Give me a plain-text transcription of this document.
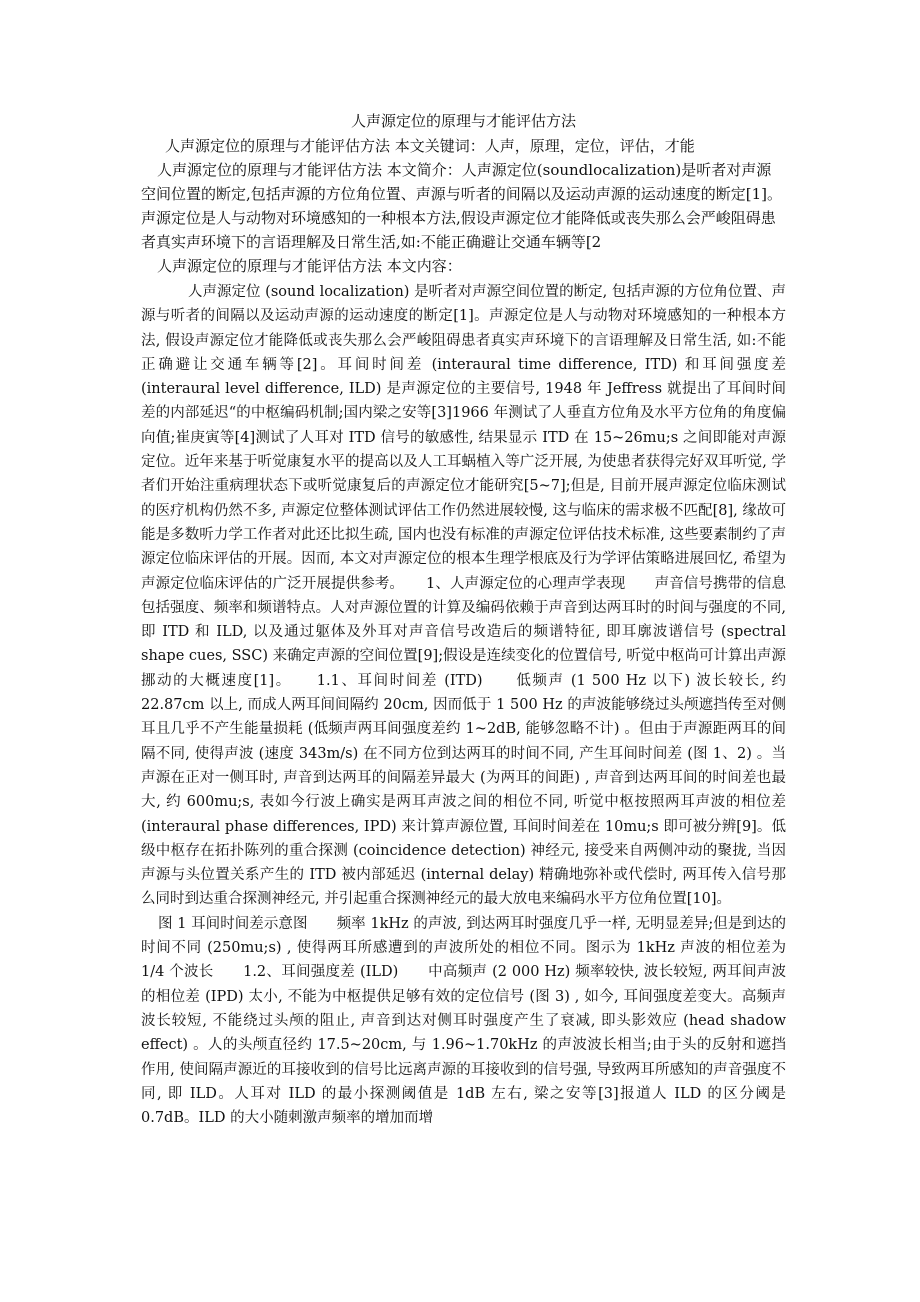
人声源定位的原理与才能评估方法

人声源定位的原理与才能评估方法 本文关键词：人声，原理，定位，评估，才能

人声源定位的原理与才能评估方法 本文简介：人声源定位(soundlocalization)是听者对声源空间位置的断定,包括声源的方位角位置、声源与听者的间隔以及运动声源的运动速度的断定[1]。声源定位是人与动物对环境感知的一种根本方法,假设声源定位才能降低或丧失那么会严峻阻碍患者真实声环境下的言语理解及日常生活,如:不能正确避让交通车辆等[2

人声源定位的原理与才能评估方法 本文内容：

人声源定位 (sound localization) 是听者对声源空间位置的断定, 包括声源的方位角位置、声源与听者的间隔以及运动声源的运动速度的断定[1]。声源定位是人与动物对环境感知的一种根本方法, 假设声源定位才能降低或丧失那么会严峻阻碍患者真实声环境下的言语理解及日常生活, 如:不能正确避让交通车辆等[2]。耳间时间差 (interaural time difference, ITD) 和耳间强度差 (interaural level difference, ILD) 是声源定位的主要信号, 1948 年 Jeffress 就提出了耳间时间差的内部延迟“的中枢编码机制;国内梁之安等[3]1966 年测试了人垂直方位角及水平方位角的角度偏向值;崔庚寅等[4]测试了人耳对 ITD 信号的敏感性, 结果显示 ITD 在 15~26mu;s 之间即能对声源定位。近年来基于听觉康复水平的提高以及人工耳蜗植入等广泛开展, 为使患者获得完好双耳听觉, 学者们开始注重病理状态下或听觉康复后的声源定位才能研究[5~7];但是, 目前开展声源定位临床测试的医疗机构仍然不多, 声源定位整体测试评估工作仍然进展较慢, 这与临床的需求极不匹配[8], 缘故可能是多数听力学工作者对此还比拟生疏, 国内也没有标准的声源定位评估技术标准, 这些要素制约了声源定位临床评估的开展。因而, 本文对声源定位的根本生理学根底及行为学评估策略进展回忆, 希望为声源定位临床评估的广泛开展提供参考。　　1、人声源定位的心理声学表现　　声音信号携带的信息包括强度、频率和频谱特点。人对声源位置的计算及编码依赖于声音到达两耳时的时间与强度的不同, 即 ITD 和 ILD, 以及通过躯体及外耳对声音信号改造后的频谱特征, 即耳廓波谱信号 (spectral shape cues, SSC) 来确定声源的空间位置[9];假设是连续变化的位置信号, 听觉中枢尚可计算出声源挪动的大概速度[1]。　　1.1、耳间时间差 (ITD)　　低频声 (1 500 Hz 以下) 波长较长, 约 22.87cm 以上, 而成人两耳间间隔约 20cm, 因而低于 1 500 Hz 的声波能够绕过头颅遮挡传至对侧耳且几乎不产生能量损耗 (低频声两耳间强度差约 1~2dB, 能够忽略不计) 。但由于声源距两耳的间隔不同, 使得声波 (速度 343m/s) 在不同方位到达两耳的时间不同, 产生耳间时间差 (图 1、2) 。当声源在正对一侧耳时, 声音到达两耳的间隔差异最大 (为两耳的间距) , 声音到达两耳间的时间差也最大, 约 600mu;s, 表如今行波上确实是两耳声波之间的相位不同, 听觉中枢按照两耳声波的相位差 (interaural phase differences, IPD) 来计算声源位置, 耳间时间差在 10mu;s 即可被分辨[9]。低级中枢存在拓扑陈列的重合探测 (coincidence detection) 神经元, 接受来自两侧冲动的聚拢, 当因声源与头位置关系产生的 ITD 被内部延迟 (internal delay) 精确地弥补或代偿时, 两耳传入信号那么同时到达重合探测神经元, 并引起重合探测神经元的最大放电来编码水平方位角位置[10]。

图 1 耳间时间差示意图　　频率 1kHz 的声波, 到达两耳时强度几乎一样, 无明显差异;但是到达的时间不同 (250mu;s) , 使得两耳所感遭到的声波所处的相位不同。图示为 1kHz 声波的相位差为 1/4 个波长　　1.2、耳间强度差 (ILD)　　中高频声 (2 000 Hz) 频率较快, 波长较短, 两耳间声波的相位差 (IPD) 太小, 不能为中枢提供足够有效的定位信号 (图 3) , 如今, 耳间强度差变大。高频声波长较短, 不能绕过头颅的阻止, 声音到达对侧耳时强度产生了衰减, 即头影效应 (head shadow effect) 。人的头颅直径约 17.5~20cm, 与 1.96~1.70kHz 的声波波长相当;由于头的反射和遮挡作用, 使间隔声源近的耳接收到的信号比远离声源的耳接收到的信号强, 导致两耳所感知的声音强度不同, 即 ILD。人耳对 ILD 的最小探测阈值是 1dB 左右, 梁之安等[3]报道人 ILD 的区分阈是 0.7dB。ILD 的大小随刺激声频率的增加而增
